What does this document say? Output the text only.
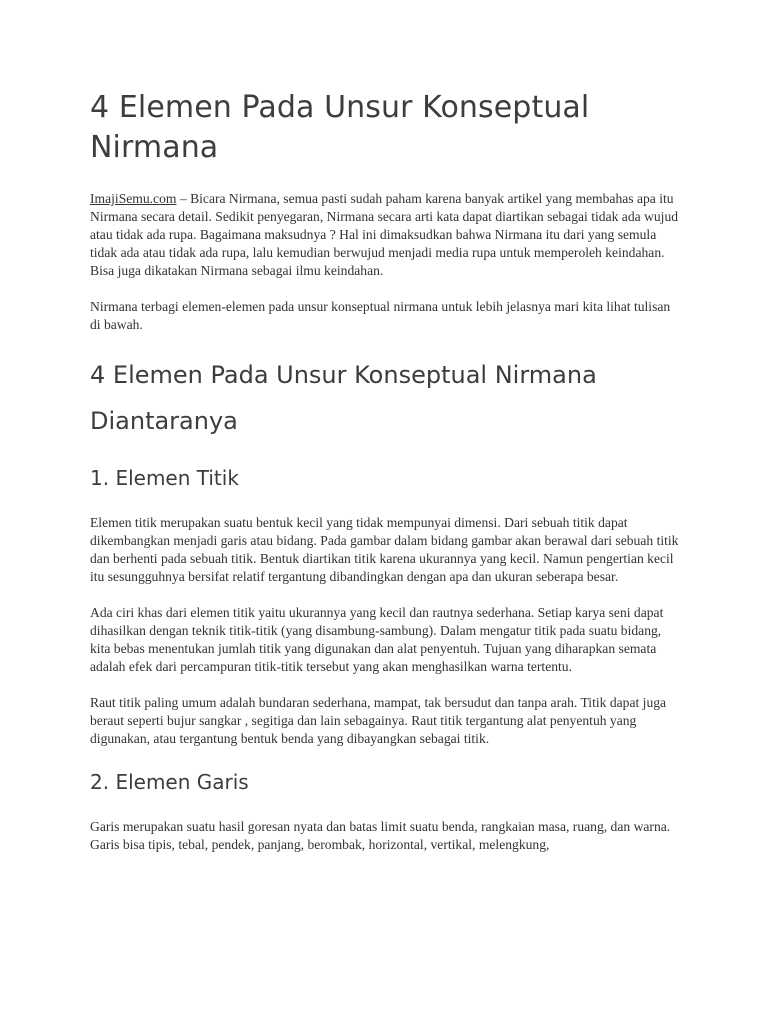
4 Elemen Pada Unsur Konseptual Nirmana

ImajiSemu.com – Bicara Nirmana, semua pasti sudah paham karena banyak artikel yang membahas apa itu Nirmana secara detail. Sedikit penyegaran, Nirmana secara arti kata dapat diartikan sebagai tidak ada wujud atau tidak ada rupa. Bagaimana maksudnya ? Hal ini dimaksudkan bahwa Nirmana itu dari yang semula tidak ada atau tidak ada rupa, lalu kemudian berwujud menjadi media rupa untuk memperoleh keindahan. Bisa juga dikatakan Nirmana sebagai ilmu keindahan.

Nirmana terbagi elemen-elemen pada unsur konseptual nirmana untuk lebih jelasnya mari kita lihat tulisan di bawah.

4 Elemen Pada Unsur Konseptual Nirmana Diantaranya
1. Elemen Titik

Elemen titik merupakan suatu bentuk kecil yang tidak mempunyai dimensi. Dari sebuah titik dapat dikembangkan menjadi garis atau bidang. Pada gambar dalam bidang gambar akan berawal dari sebuah titik dan berhenti pada sebuah titik. Bentuk diartikan titik karena ukurannya yang kecil. Namun pengertian kecil itu sesungguhnya bersifat relatif tergantung dibandingkan dengan apa dan ukuran seberapa besar.

Ada ciri khas dari elemen titik yaitu ukurannya yang kecil dan rautnya sederhana. Setiap karya seni dapat dihasilkan dengan teknik titik-titik (yang disambung-sambung). Dalam mengatur titik pada suatu bidang, kita bebas menentukan jumlah titik yang digunakan dan alat penyentuh. Tujuan yang diharapkan semata adalah efek dari percampuran titik-titik tersebut yang akan menghasilkan warna tertentu.

Raut titik paling umum adalah bundaran sederhana, mampat, tak bersudut dan tanpa arah. Titik dapat juga beraut seperti bujur sangkar , segitiga dan lain sebagainya. Raut titik tergantung alat penyentuh yang digunakan, atau tergantung bentuk benda yang dibayangkan sebagai titik.

2. Elemen Garis

Garis merupakan suatu hasil goresan nyata dan batas limit suatu benda, rangkaian masa, ruang, dan warna. Garis bisa tipis, tebal, pendek, panjang, berombak, horizontal, vertikal, melengkung,
